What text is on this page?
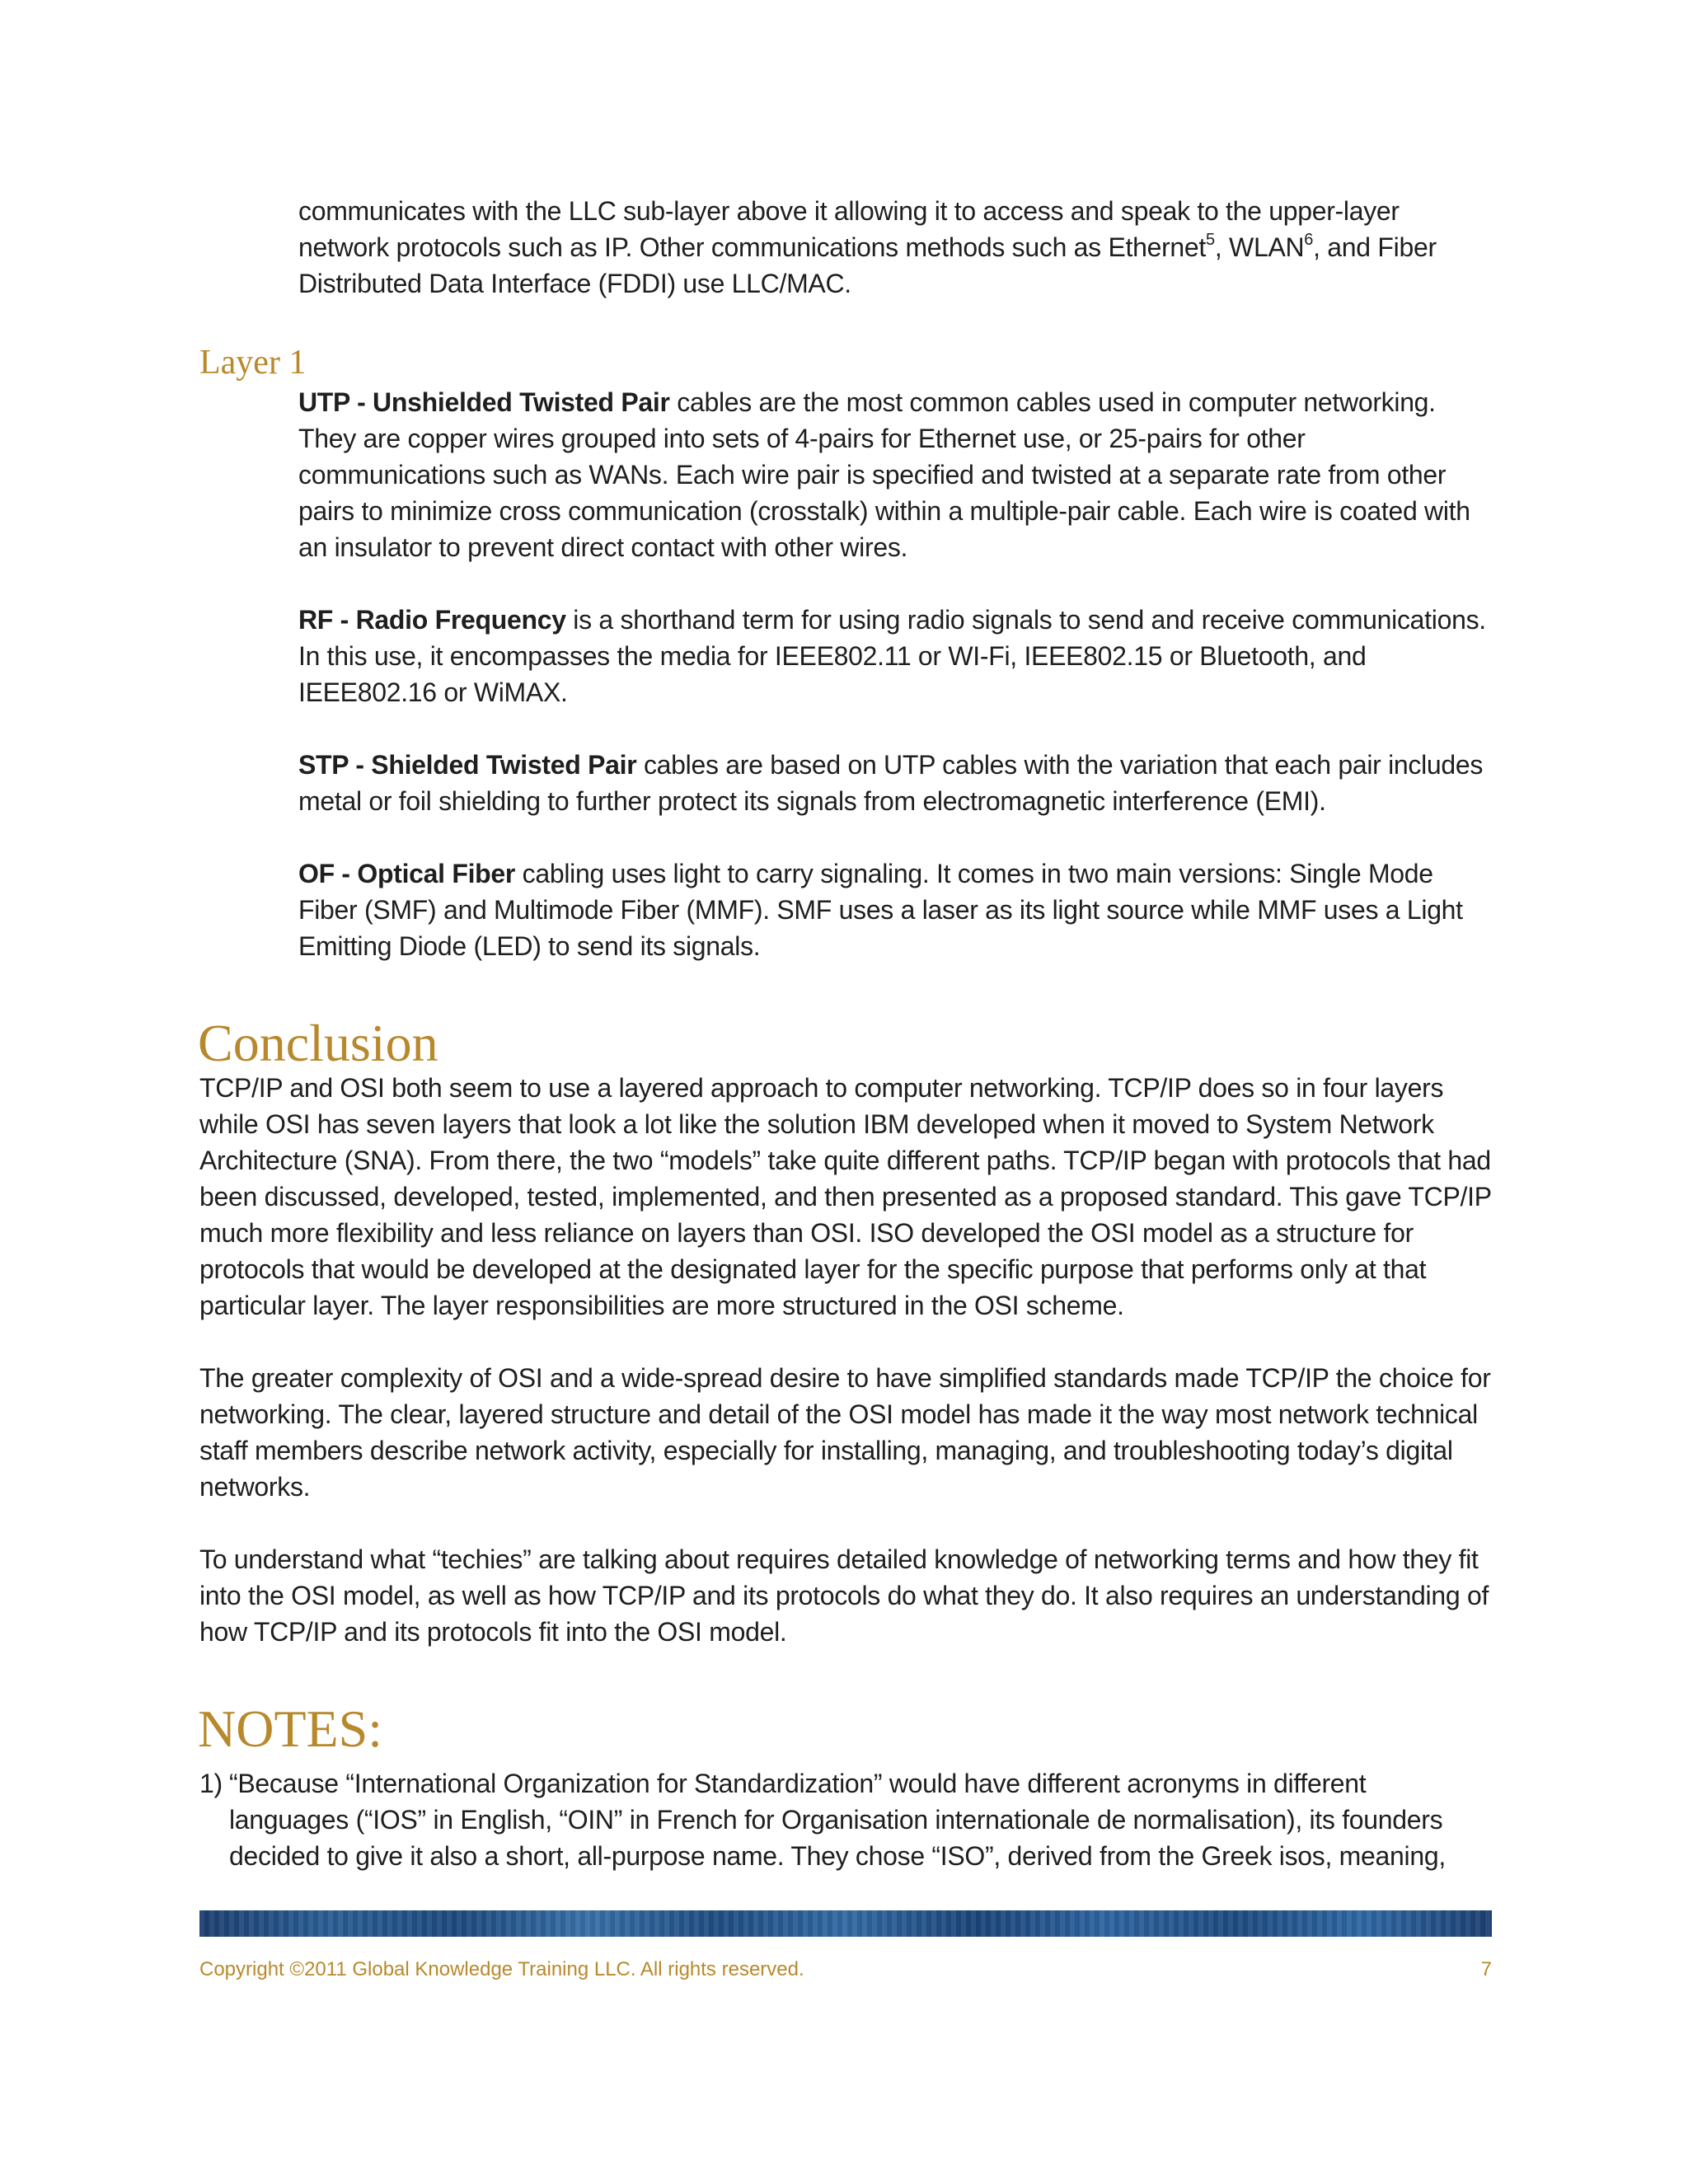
communicates with the LLC sub-layer above it allowing it to access and speak to the upper-layer network protocols such as IP. Other communications methods such as Ethernet$^5$, WLAN$^6$, and Fiber Distributed Data Interface (FDDI) use LLC/MAC.

Layer 1

UTP - Unshielded Twisted Pair cables are the most common cables used in computer networking. They are copper wires grouped into sets of 4-pairs for Ethernet use, or 25-pairs for other communications such as WANs. Each wire pair is specified and twisted at a separate rate from other pairs to minimize cross communication (crosstalk) within a multiple-pair cable. Each wire is coated with an insulator to prevent direct contact with other wires.

RF - Radio Frequency is a shorthand term for using radio signals to send and receive communications. In this use, it encompasses the media for IEEE802.11 or WI-Fi, IEEE802.15 or Bluetooth, and IEEE802.16 or WiMAX.

STP - Shielded Twisted Pair cables are based on UTP cables with the variation that each pair includes metal or foil shielding to further protect its signals from electromagnetic interference (EMI).

OF - Optical Fiber cabling uses light to carry signaling. It comes in two main versions: Single Mode Fiber (SMF) and Multimode Fiber (MMF). SMF uses a laser as its light source while MMF uses a Light Emitting Diode (LED) to send its signals.

Conclusion

TCP/IP and OSI both seem to use a layered approach to computer networking. TCP/IP does so in four layers while OSI has seven layers that look a lot like the solution IBM developed when it moved to System Network Architecture (SNA). From there, the two “models” take quite different paths. TCP/IP began with protocols that had been discussed, developed, tested, implemented, and then presented as a proposed standard. This gave TCP/IP much more flexibility and less reliance on layers than OSI. ISO developed the OSI model as a structure for protocols that would be developed at the designated layer for the specific purpose that performs only at that particular layer. The layer responsibilities are more structured in the OSI scheme.

The greater complexity of OSI and a wide-spread desire to have simplified standards made TCP/IP the choice for networking. The clear, layered structure and detail of the OSI model has made it the way most network technical staff members describe network activity, especially for installing, managing, and troubleshooting today’s digital networks.

To understand what “techies” are talking about requires detailed knowledge of networking terms and how they fit into the OSI model, as well as how TCP/IP and its protocols do what they do. It also requires an understanding of how TCP/IP and its protocols fit into the OSI model.

NOTES:
1) “Because “International Organization for Standardization” would have different acronyms in different languages (“IOS” in English, “OIN” in French for Organisation internationale de normalisation), its founders decided to give it also a short, all-purpose name. They chose “ISO”, derived from the Greek isos, meaning,

Copyright ©2011 Global Knowledge Training LLC. All rights reserved.	7
